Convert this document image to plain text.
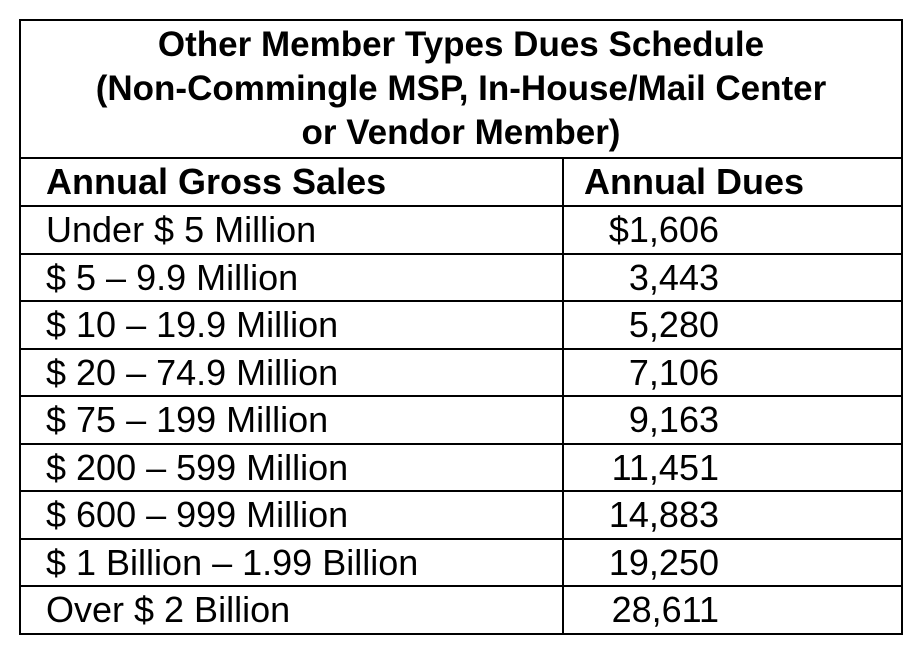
Other Member Types Dues Schedule
(Non-Commingle MSP, In-House/Mail Center
or Vendor Member)	

Annual Gross Sales	Annual Dues
Under $ 5 Million	$1,606
$ 5 – 9.9 Million	3,443
$ 10 – 19.9 Million	5,280
$ 20 – 74.9 Million	7,106
$ 75 – 199 Million	9,163
$ 200 – 599 Million	11,451
$ 600 – 999 Million	14,883
$ 1 Billion – 1.99 Billion	19,250
Over $ 2 Billion	28,611
